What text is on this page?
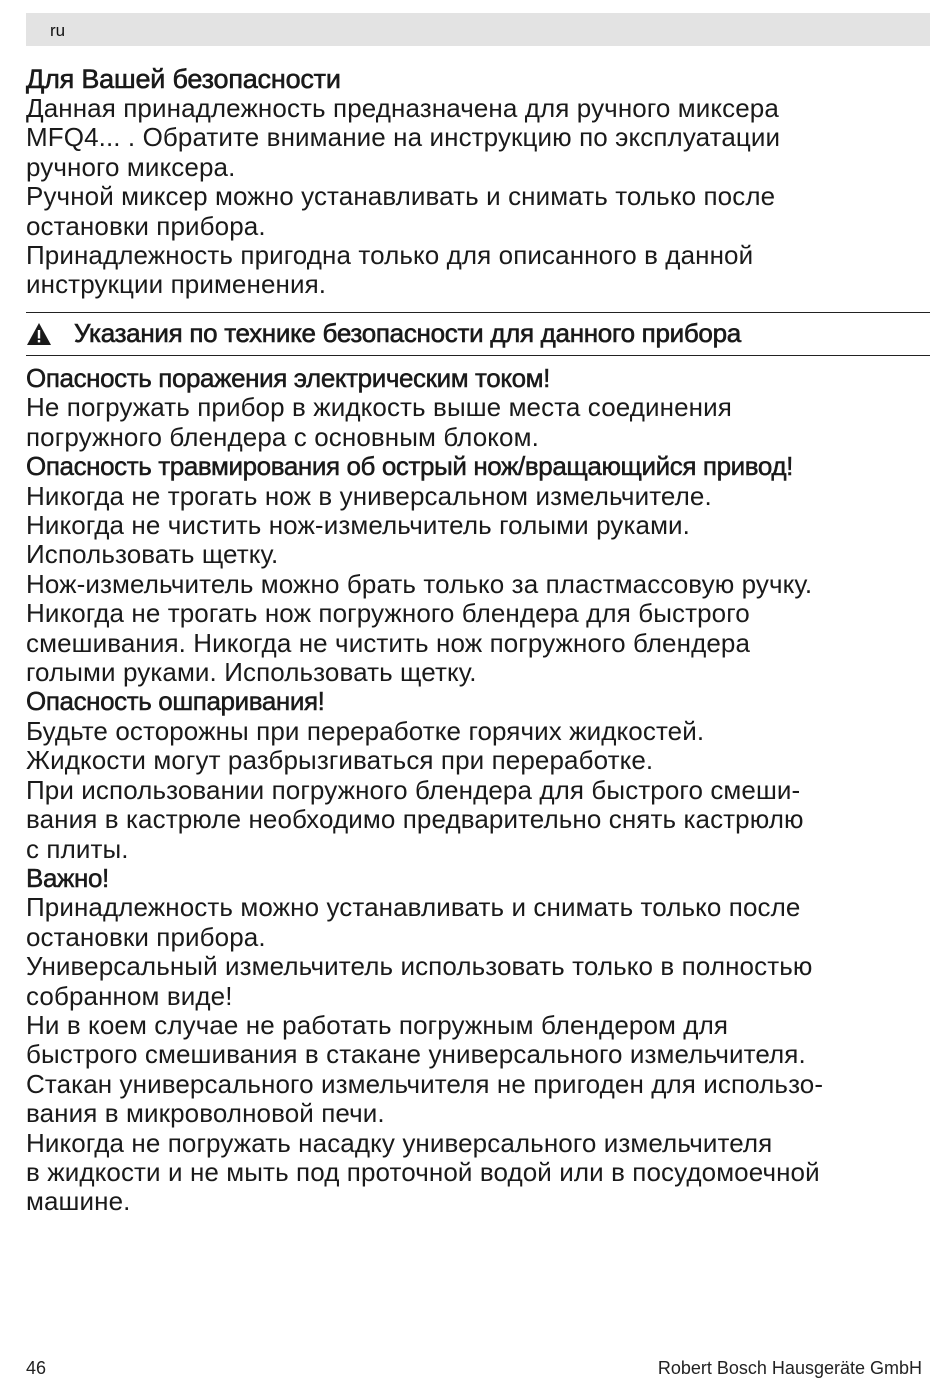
ru
Для Вашей безопасности

Данная принадлежность предназначена для ручного миксера
MFQ4... . Обратите внимание на инструкцию по эксплуатации
ручного миксера.

Ручной миксер можно устанавливать и снимать только после
остановки прибора.

Принадлежность пригодна только для описанного в данной
инструкции применения.

Указания по технике безопасности для данного прибора

Опасность поражения электрическим током!

Не погружать прибор в жидкость выше места соединения
погружного блендера с основным блоком.

Опасность травмирования об острый нож/вращающийся привод!

Никогда не трогать нож в универсальном измельчителе.

Никогда не чистить нож-измельчитель голыми руками.
Использовать щетку.

Нож-измельчитель можно брать только за пластмассовую ручку.

Никогда не трогать нож погружного блендера для быстрого
смешивания. Никогда не чистить нож погружного блендера
голыми руками. Использовать щетку.

Опасность ошпаривания!

Будьте осторожны при переработке горячих жидкостей.

Жидкости могут разбрызгиваться при переработке.

При использовании погружного блендера для быстрого смеши-
вания в кастрюле необходимо предварительно снять кастрюлю
с плиты.

Важно!

Принадлежность можно устанавливать и снимать только после
остановки прибора.

Универсальный измельчитель использовать только в полностью
собранном виде!

Ни в коем случае не работать погружным блендером для
быстрого смешивания в стакане универсального измельчителя.

Стакан универсального измельчителя не пригоден для использо-
вания в микроволновой печи.

Никогда не погружать насадку универсального измельчителя
в жидкости и не мыть под проточной водой или в посудомоечной
машине.

46	Robert Bosch Hausgeräte GmbH
